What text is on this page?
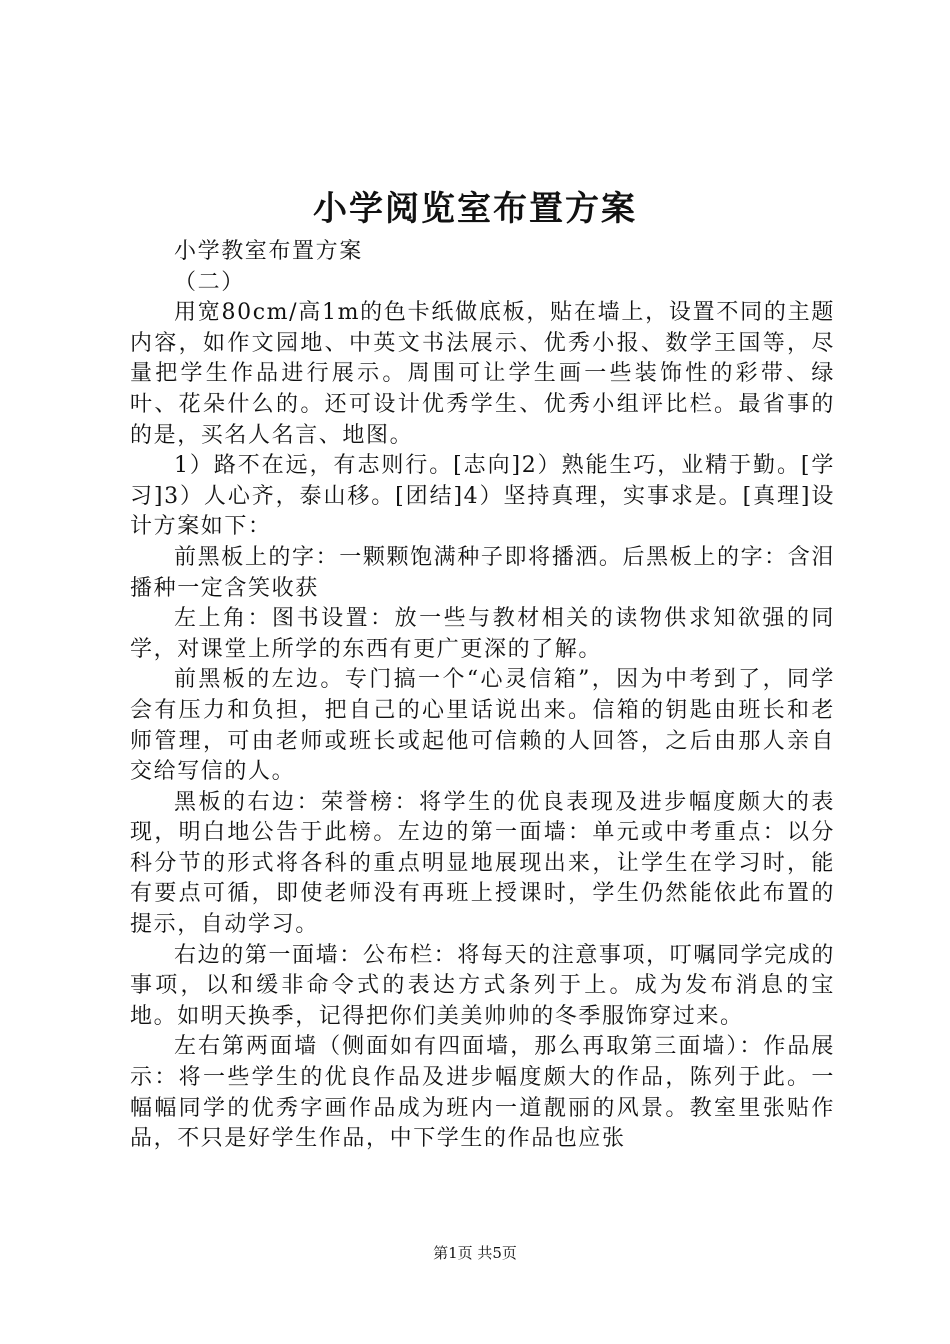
小学阅览室布置方案

小学教室布置方案

（二）

用宽80cm/高1m的色卡纸做底板，贴在墙上，设置不同的主题内容，如作文园地、中英文书法展示、优秀小报、数学王国等，尽量把学生作品进行展示。周围可让学生画一些装饰性的彩带、绿叶、花朵什么的。还可设计优秀学生、优秀小组评比栏。最省事的的是，买名人名言、地图。

1）路不在远，有志则行。[志向]2）熟能生巧，业精于勤。[学习]3）人心齐，泰山移。[团结]4）坚持真理，实事求是。[真理]设计方案如下：

前黑板上的字：一颗颗饱满种子即将播洒。后黑板上的字：含泪播种一定含笑收获

左上角：图书设置：放一些与教材相关的读物供求知欲强的同学，对课堂上所学的东西有更广更深的了解。

前黑板的左边。专门搞一个“心灵信箱”，因为中考到了，同学会有压力和负担，把自己的心里话说出来。信箱的钥匙由班长和老师管理，可由老师或班长或起他可信赖的人回答，之后由那人亲自交给写信的人。

黑板的右边：荣誉榜：将学生的优良表现及进步幅度颇大的表现，明白地公告于此榜。左边的第一面墙：单元或中考重点：以分科分节的形式将各科的重点明显地展现出来，让学生在学习时，能有要点可循，即使老师没有再班上授课时，学生仍然能依此布置的提示，自动学习。

右边的第一面墙：公布栏：将每天的注意事项，叮嘱同学完成的事项，以和缓非命令式的表达方式条列于上。成为发布消息的宝地。如明天换季，记得把你们美美帅帅的冬季服饰穿过来。

左右第两面墙（侧面如有四面墙，那么再取第三面墙）：作品展示：将一些学生的优良作品及进步幅度颇大的作品，陈列于此。一幅幅同学的优秀字画作品成为班内一道靓丽的风景。教室里张贴作品，不只是好学生作品，中下学生的作品也应张

第1页 共5页
